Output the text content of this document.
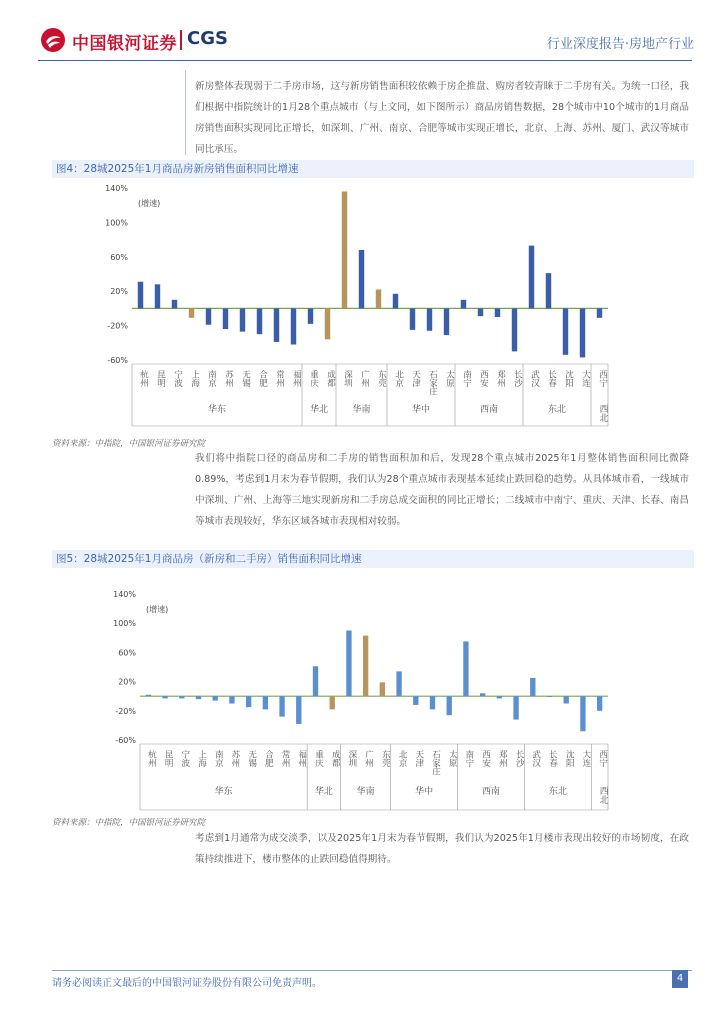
中国银河证券 CGS	行业深度报告·房地产行业
新房整体表现弱于二手房市场，这与新房销售面积较依赖于房企推盘、购房者较青睐于二手房有关。为统一口径，我们根据中指院统计的1月28个重点城市（与上文同，如下图所示）商品房销售数据，28个城市中10个城市的1月商品房销售面积实现同比正增长，如深圳、广州、南京、合肥等城市实现正增长，北京、上海、苏州、厦门、武汉等城市同比承压。
图4：28城2025年1月商品房新房销售面积同比增速
140%
100%
60%
20%
-20%
-60%
(增速)
杭州 昆明 宁波 上海 南京 苏州 无锡 合肥 常州 福州 重庆 成都 深圳 广州 东莞 北京 天津 石家庄 太原 南宁 西安 郑州 长沙 武汉 长春 沈阳 大连 西宁
华东	华北	华南	华中	西南	东北	西北
资料来源：中指院，中国银河证券研究院
我们将中指院口径的商品房和二手房的销售面积加和后，发现28个重点城市2025年1月整体销售面积同比微降0.89%，考虑到1月末为春节假期，我们认为28个重点城市表现基本延续止跌回稳的趋势。从具体城市看，一线城市中深圳、广州、上海等三地实现新房和二手房总成交面积的同比正增长；二线城市中南宁、重庆、天津、长春、南昌等城市表现较好，华东区域各城市表现相对较弱。
图5：28城2025年1月商品房（新房和二手房）销售面积同比增速
140%
100%
60%
20%
-20%
-60%
(增速)
杭州 昆明 宁波 上海 南京 苏州 无锡 合肥 常州 福州 重庆 成都 深圳 广州 东莞 北京 天津 石家庄 太原 南宁 西安 郑州 长沙 武汉 长春 沈阳 大连 西宁
华东	华北	华南	华中	西南	东北	西北
资料来源：中指院，中国银河证券研究院
考虑到1月通常为成交淡季，以及2025年1月末为春节假期，我们认为2025年1月楼市表现出较好的市场韧度，在政策持续推进下，楼市整体的止跌回稳值得期待。
请务必阅读正文最后的中国银河证券股份有限公司免责声明。	4
